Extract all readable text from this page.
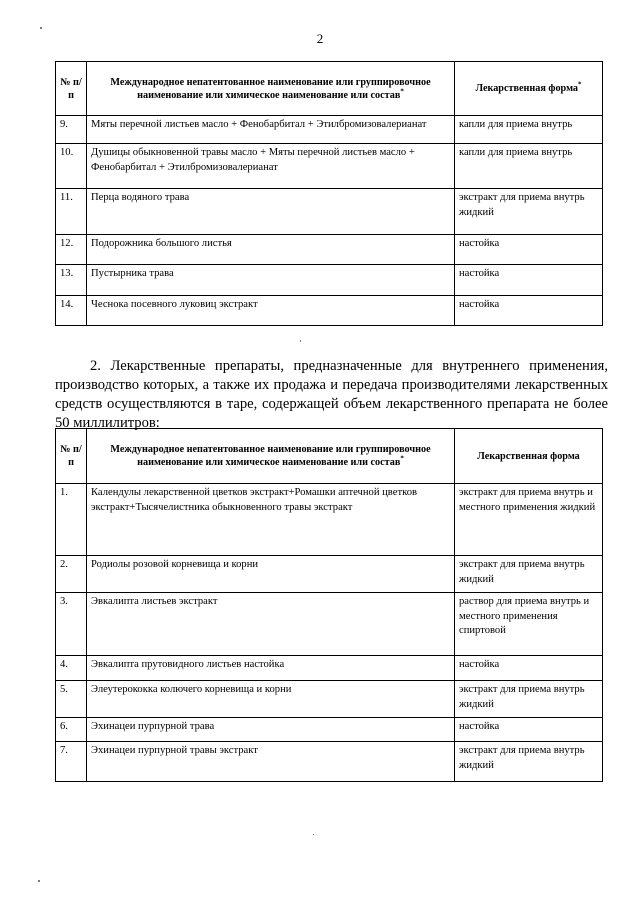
2
№ п/п	Международное непатентованное наименование или группировочное наименование или химическое наименование или состав*	Лекарственная форма*
9.	Мяты перечной листьев масло + Фенобарбитал + Этилбромизовалерианат	капли для приема внутрь
10.	Душицы обыкновенной травы масло + Мяты перечной листьев масло + Фенобарбитал + Этилбромизовалерианат	капли для приема внутрь
11.	Перца водяного трава	экстракт для приема внутрь жидкий
12.	Подорожника большого листья	настойка
13.	Пустырника трава	настойка
14.	Чеснока посевного луковиц экстракт	настойка

2. Лекарственные препараты, предназначенные для внутреннего применения, производство которых, а также их продажа и передача производителями лекарственных средств осуществляются в таре, содержащей объем лекарственного препарата не более 50 миллилитров:

№ п/п	Международное непатентованное наименование или группировочное наименование или химическое наименование или состав*	Лекарственная форма
1.	Календулы лекарственной цветков экстракт+Ромашки аптечной цветков экстракт+Тысячелистника обыкновенного травы экстракт	экстракт для приема внутрь и местного применения жидкий
2.	Родиолы розовой корневища и корни	экстракт для приема внутрь жидкий
3.	Эвкалипта листьев экстракт	раствор для приема внутрь и местного применения спиртовой
4.	Эвкалипта прутовидного листьев настойка	настойка
5.	Элеутерококка колючего корневища и корни	экстракт для приема внутрь жидкий
6.	Эхинацеи пурпурной трава	настойка
7.	Эхинацеи пурпурной травы экстракт	экстракт для приема внутрь жидкий
